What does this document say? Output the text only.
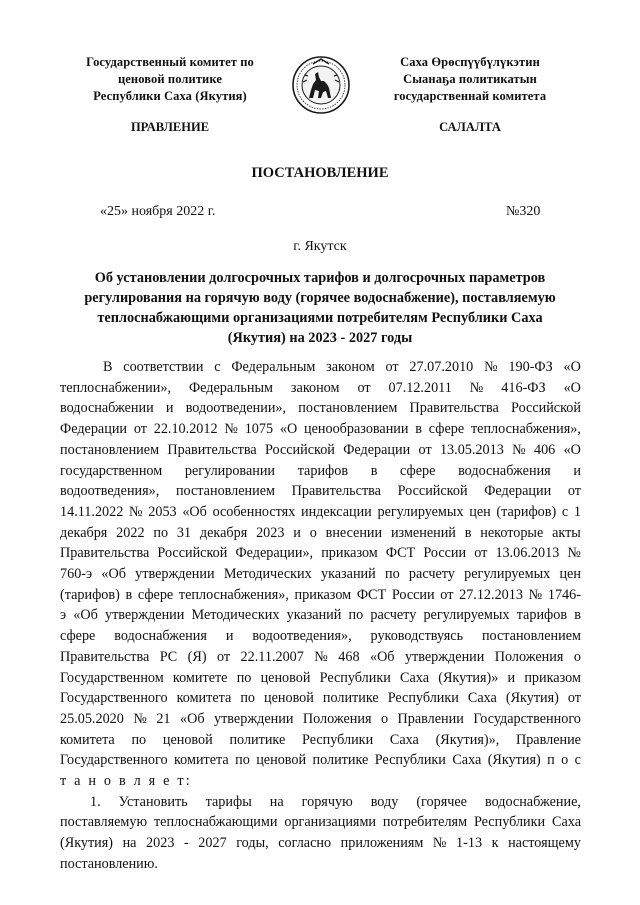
Государственный комитет по
ценовой политике
Республики Саха (Якутия)
Саха Өрөспүүбүлүкэтин
Сыанаҕа политикатын
государственнай комитета
ПРАВЛЕНИЕ	САЛАЛТА
ПОСТАНОВЛЕНИЕ
«25» ноября 2022 г.	№320
г. Якутск
Об установлении долгосрочных тарифов и долгосрочных параметров
регулирования на горячую воду (горячее водоснабжение), поставляемую
теплоснабжающими организациями потребителям Республики Саха
(Якутия) на 2023 - 2027 годы
В соответствии с Федеральным законом от 27.07.2010 № 190-ФЗ «О
теплоснабжении», Федеральным законом от 07.12.2011 № 416-ФЗ «О
водоснабжении и водоотведении», постановлением Правительства Российской
Федерации от 22.10.2012 № 1075 «О ценообразовании в сфере теплоснабжения»,
постановлением Правительства Российской Федерации от 13.05.2013 № 406 «О
государственном регулировании тарифов в сфере водоснабжения и
водоотведения», постановлением Правительства Российской Федерации от
14.11.2022 № 2053 «Об особенностях индексации регулируемых цен (тарифов) с 1
декабря 2022 по 31 декабря 2023 и о внесении изменений в некоторые акты
Правительства Российской Федерации», приказом ФСТ России от 13.06.2013 №
760-э «Об утверждении Методических указаний по расчету регулируемых цен
(тарифов) в сфере теплоснабжения», приказом ФСТ России от 27.12.2013 № 1746-
э «Об утверждении Методических указаний по расчету регулируемых тарифов в
сфере водоснабжения и водоотведения», руководствуясь постановлением
Правительства РС (Я) от 22.11.2007 № 468 «Об утверждении Положения о
Государственном комитете по ценовой Республики Саха (Якутия)» и приказом
Государственного комитета по ценовой политике Республики Саха (Якутия) от
25.05.2020 № 21 «Об утверждении Положения о Правлении Государственного
комитета по ценовой политике Республики Саха (Якутия)», Правление
Государственного комитета по ценовой политике Республики Саха (Якутия) п о с
т а н о в л я е т:
1. Установить тарифы на горячую воду (горячее водоснабжение,
поставляемую теплоснабжающими организациями потребителям Республики Саха
(Якутия) на 2023 - 2027 годы, согласно приложениям № 1-13 к настоящему
постановлению.
